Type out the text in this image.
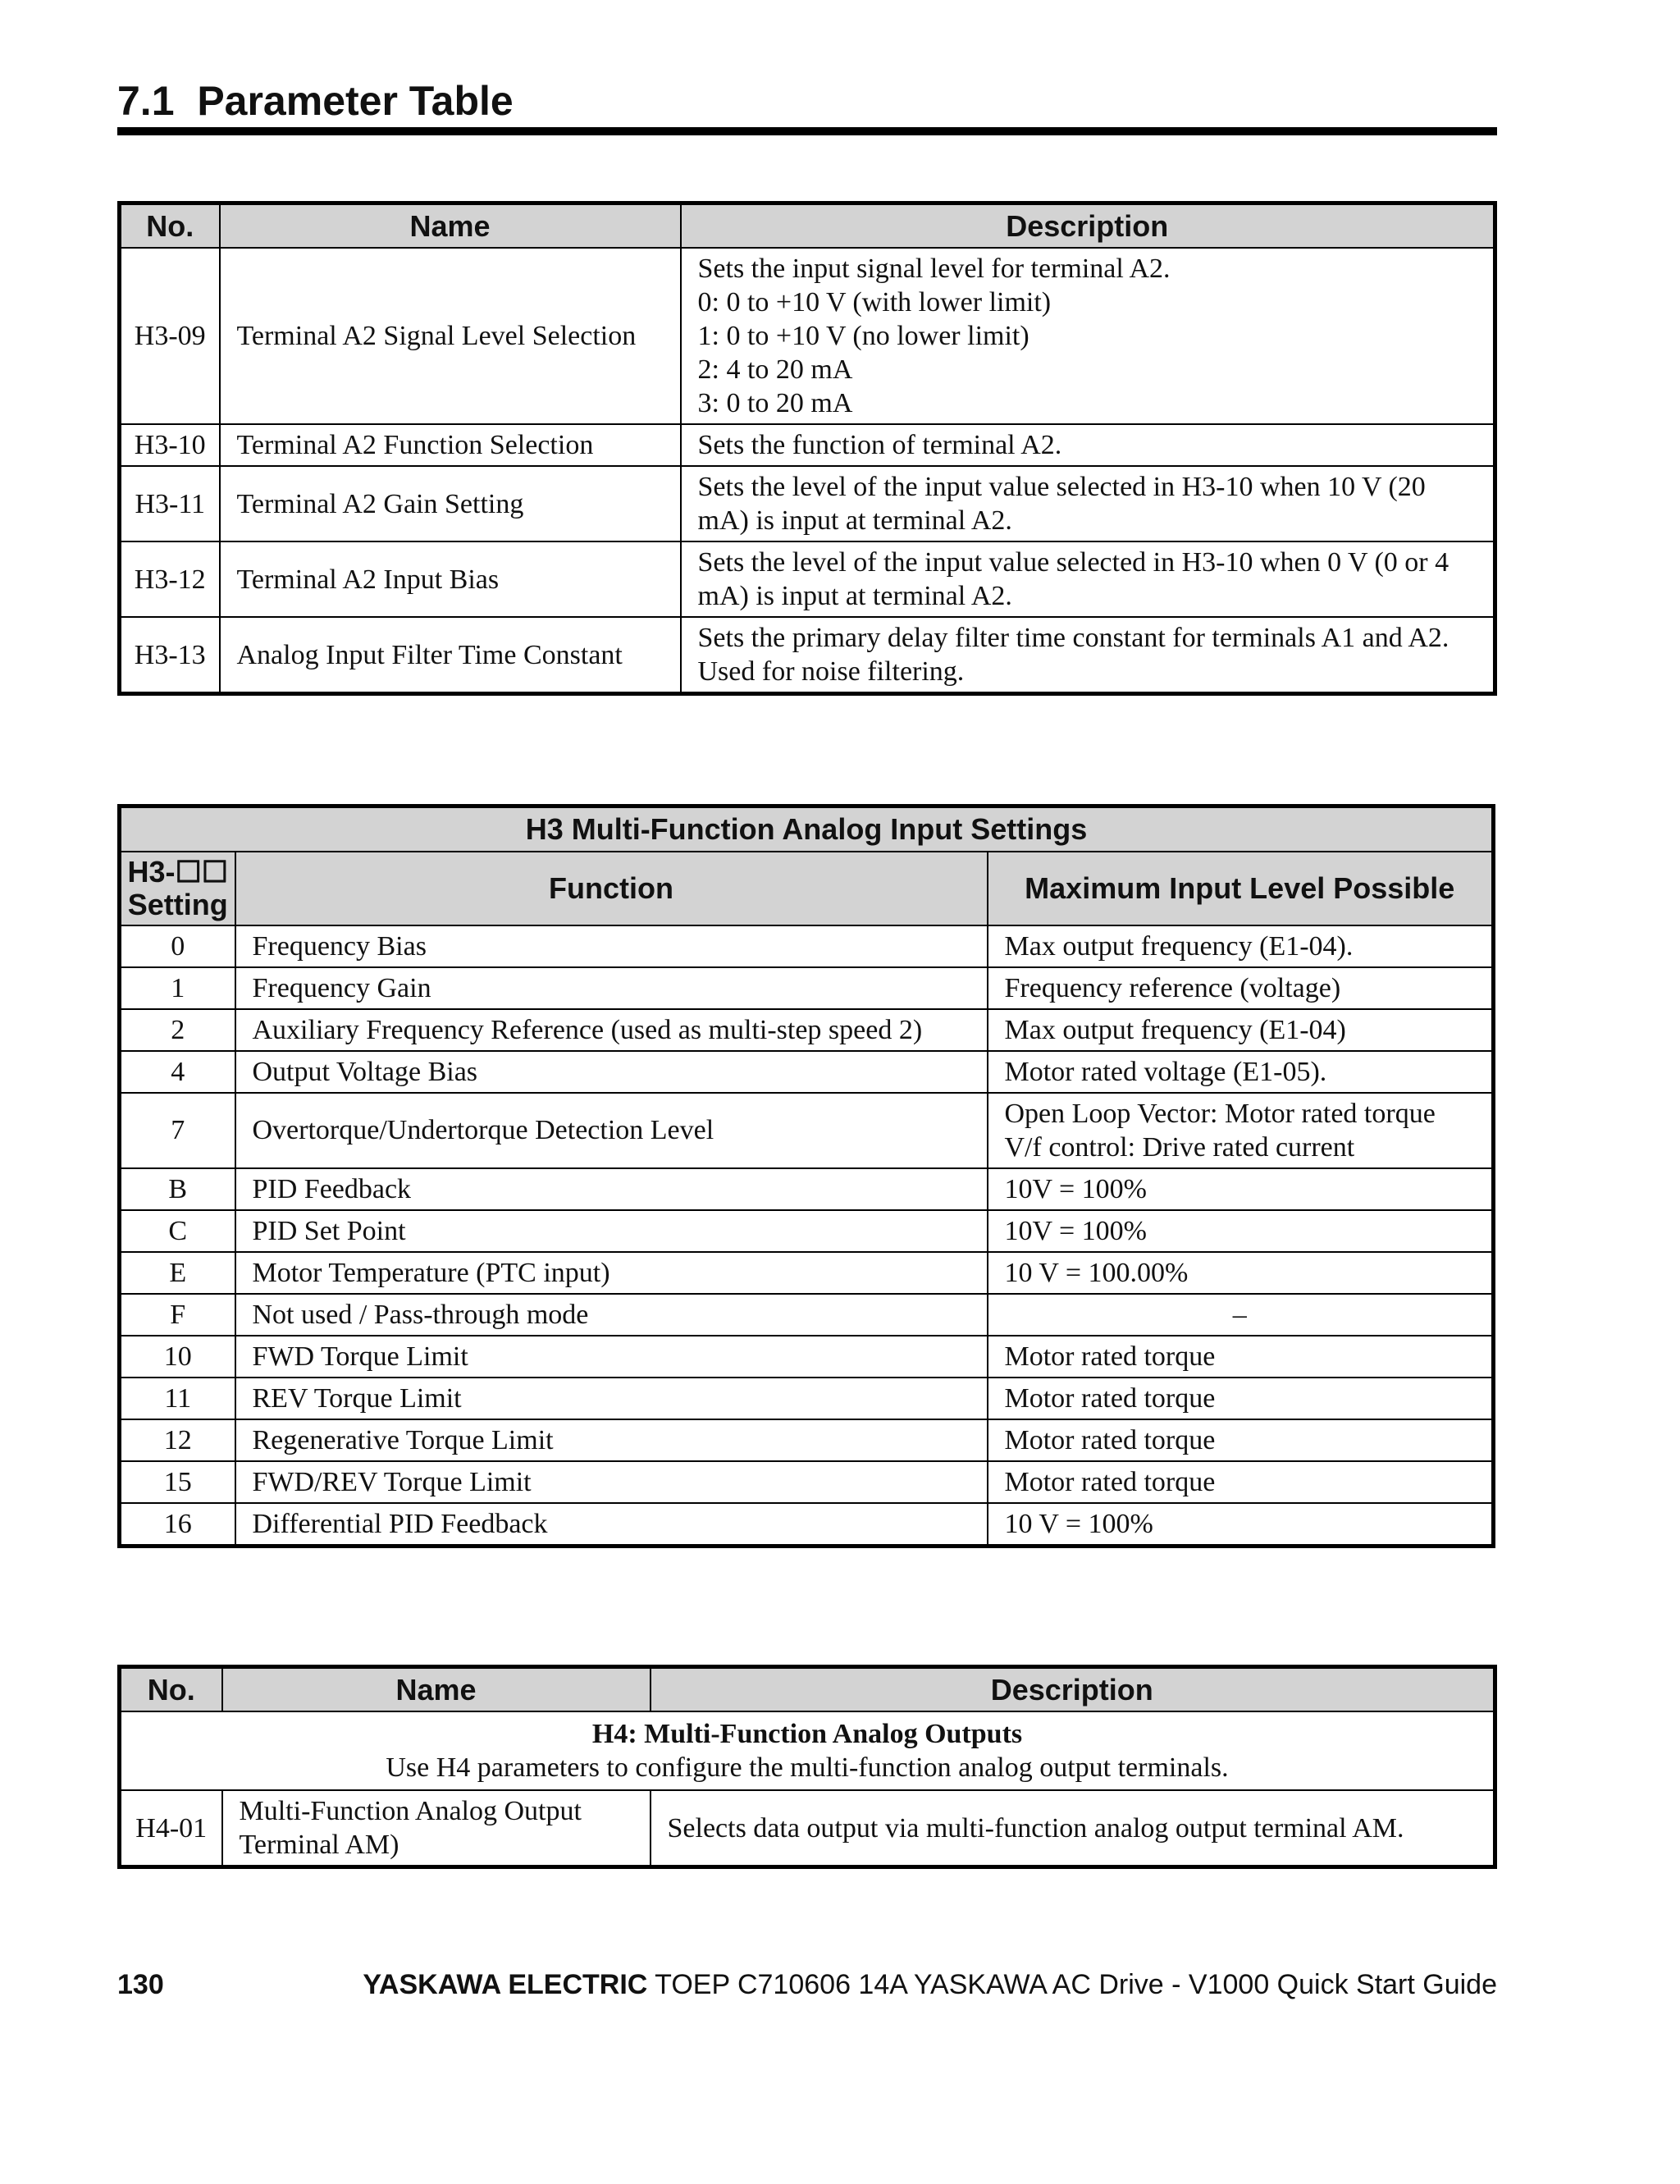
7.1 Parameter Table
No.	Name	Description
H3-09	Terminal A2 Signal Level Selection	Sets the input signal level for terminal A2.
0: 0 to +10 V (with lower limit)
1: 0 to +10 V (no lower limit)
2: 4 to 20 mA
3: 0 to 20 mA

H3-10	Terminal A2 Function Selection	Sets the function of terminal A2.

H3-11	Terminal A2 Gain Setting	Sets the level of the input value selected in H3-10 when 10 V (20
mA) is input at terminal A2.

H3-12	Terminal A2 Input Bias	Sets the level of the input value selected in H3-10 when 0 V (0 or 4
mA) is input at terminal A2.

H3-13	Analog Input Filter Time Constant	Sets the primary delay filter time constant for terminals A1 and A2.
Used for noise filtering.
H3 Multi-Function Analog Input Settings		

H3-☐☐
Setting	Function	Maximum Input Level Possible
0	Frequency Bias	Max output frequency (E1-04).

1	Frequency Gain	Frequency reference (voltage)

2	Auxiliary Frequency Reference (used as multi-step speed 2)	Max output frequency (E1-04)

4	Output Voltage Bias	Motor rated voltage (E1-05).

7	Overtorque/Undertorque Detection Level	Open Loop Vector: Motor rated torque
V/f control: Drive rated current

B	PID Feedback	10V = 100%

C	PID Set Point	10V = 100%

E	Motor Temperature (PTC input)	10 V = 100.00%

F	Not used / Pass-through mode	–

10	FWD Torque Limit	Motor rated torque

11	REV Torque Limit	Motor rated torque

12	Regenerative Torque Limit	Motor rated torque

15	FWD/REV Torque Limit	Motor rated torque

16	Differential PID Feedback	10 V = 100%
No.	Name	Description

H4: Multi-Function Analog Outputs
Use H4 parameters to configure the multi-function analog output terminals.		

H4-01	Multi-Function Analog Output
Terminal AM)	Selects data output via multi-function analog output terminal AM.
130	YASKAWA ELECTRIC TOEP C710606 14A YASKAWA AC Drive - V1000 Quick Start Guide
